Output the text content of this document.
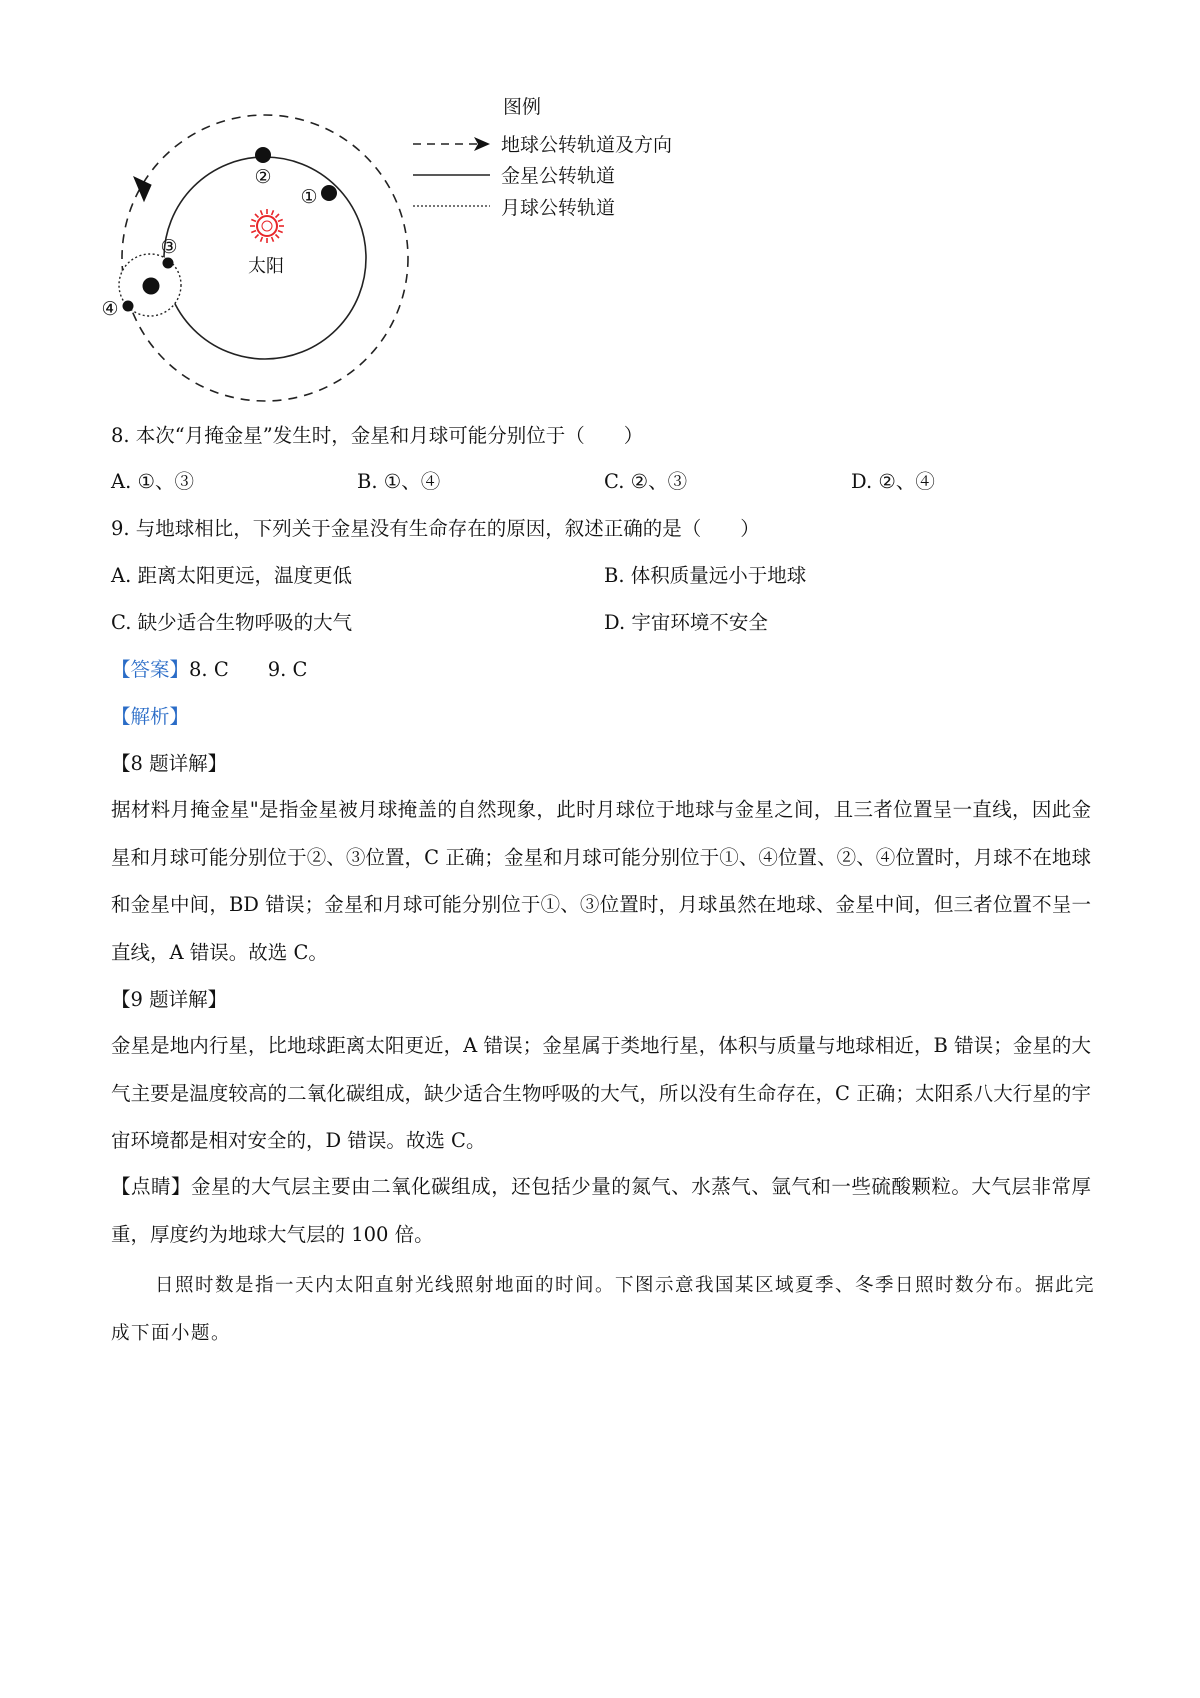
太阳
②
①
③
④
图例
地球公转轨道及方向
金星公转轨道
月球公转轨道
8. 本次“月掩金星”发生时，金星和月球可能分别位于（　　）
A. ①、③	B. ①、④	C. ②、③	D. ②、④
9. 与地球相比，下列关于金星没有生命存在的原因，叙述正确的是（　　）
A. 距离太阳更远，温度更低	B. 体积质量远小于地球
C. 缺少适合生物呼吸的大气	D. 宇宙环境不安全
【答案】8. C　　9. C
【解析】
【8 题详解】
据材料月掩金星"是指金星被月球掩盖的自然现象，此时月球位于地球与金星之间，且三者位置呈一直线，因此金星和月球可能分别位于②、③位置，C 正确；金星和月球可能分别位于①、④位置、②、④位置时，月球不在地球和金星中间，BD 错误；金星和月球可能分别位于①、③位置时，月球虽然在地球、金星中间，但三者位置不呈一直线，A 错误。故选 C。
【9 题详解】
金星是地内行星，比地球距离太阳更近，A 错误；金星属于类地行星，体积与质量与地球相近，B 错误；金星的大气主要是温度较高的二氧化碳组成，缺少适合生物呼吸的大气，所以没有生命存在，C 正确；太阳系八大行星的宇宙环境都是相对安全的，D 错误。故选 C。
【点睛】金星的大气层主要由二氧化碳组成，还包括少量的氮气、水蒸气、氩气和一些硫酸颗粒。大气层非常厚重，厚度约为地球大气层的 100 倍。
日照时数是指一天内太阳直射光线照射地面的时间。下图示意我国某区域夏季、冬季日照时数分布。据此完成下面小题。
